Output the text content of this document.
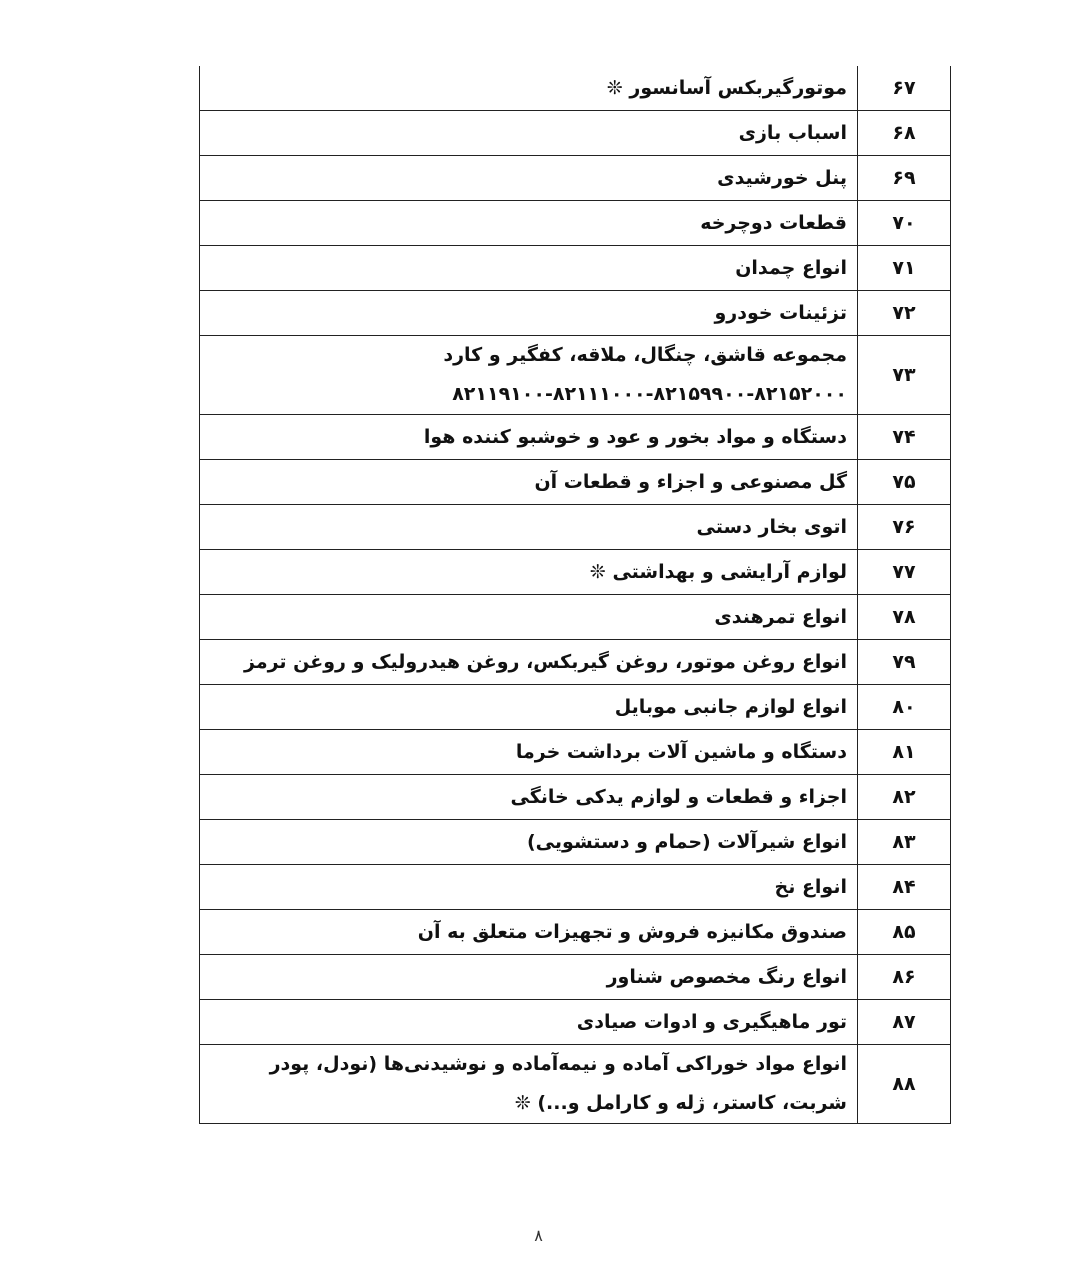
۶۷	موتورگیربکس آسانسور ❊
۶۸	اسباب بازی
۶۹	پنل خورشیدی
۷۰	قطعات دوچرخه
۷۱	انواع چمدان
۷۲	تزئینات خودرو
۷۳	مجموعه قاشق، چنگال، ملاقه، کفگیر و کارد ۸۲۱۵۲۰۰۰-۸۲۱۵۹۹۰۰-۸۲۱۱۱۰۰۰-۸۲۱۱۹۱۰۰
۷۴	دستگاه و مواد بخور و عود و خوشبو کننده هوا
۷۵	گل مصنوعی و اجزاء و قطعات آن
۷۶	اتوی بخار دستی
۷۷	لوازم آرایشی و بهداشتی ❊
۷۸	انواع تمرهندی
۷۹	انواع روغن موتور، روغن گیربکس، روغن هیدرولیک و روغن ترمز
۸۰	انواع لوازم جانبی موبایل
۸۱	دستگاه و ماشین آلات برداشت خرما
۸۲	اجزاء و قطعات و لوازم یدکی خانگی
۸۳	انواع شیرآلات (حمام و دستشویی)
۸۴	انواع نخ
۸۵	صندوق مکانیزه فروش و تجهیزات متعلق به آن
۸۶	انواع رنگ مخصوص شناور
۸۷	تور ماهیگیری و ادوات صیادی
۸۸	انواع مواد خوراکی آماده و نیمه‌آماده و نوشیدنی‌ها (نودل، پودر شربت، کاستر، ژله و کارامل و...) ❊
۸
